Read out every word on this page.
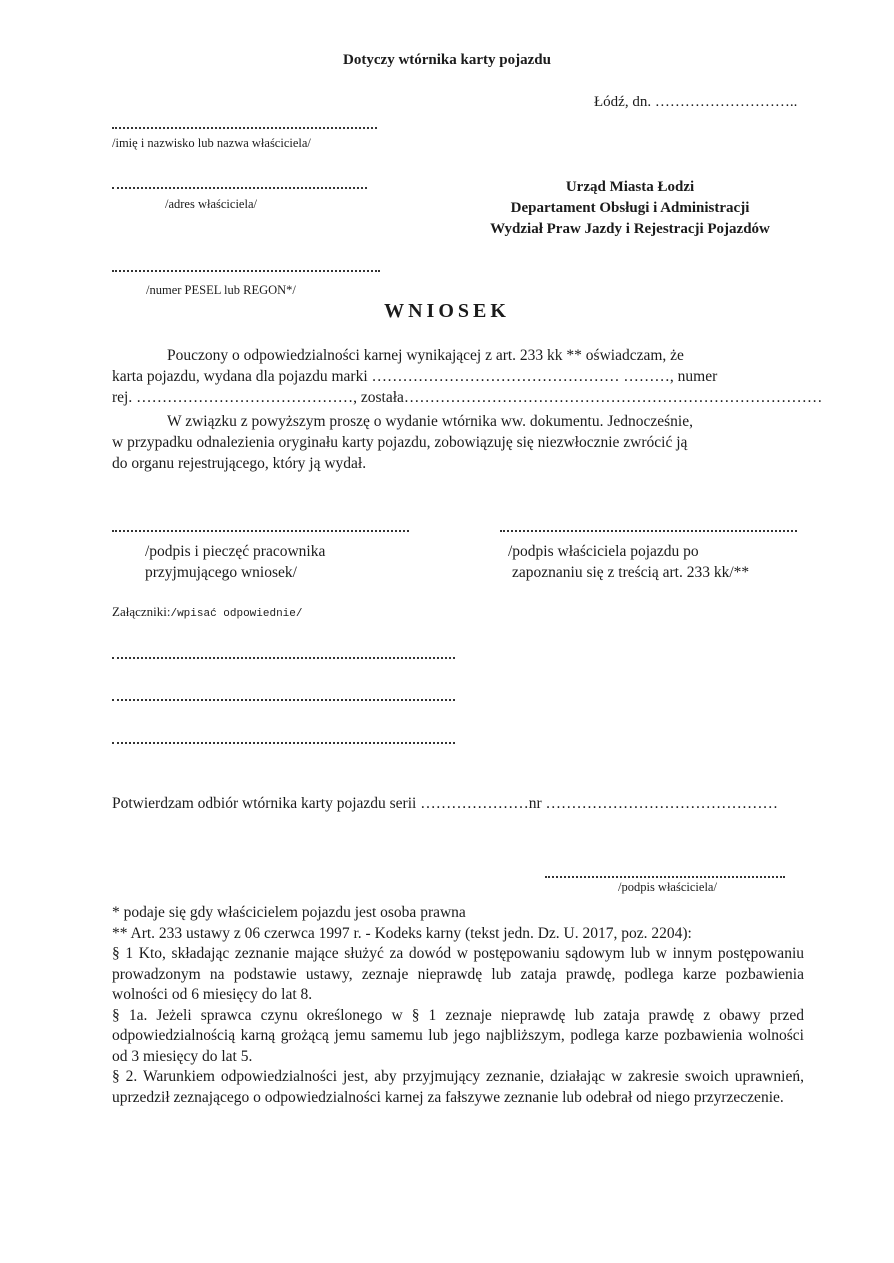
Dotyczy wtórnika karty pojazdu
Łódź, dn. ………………………..
/imię i nazwisko lub nazwa właściciela/
/adres właściciela/
/numer PESEL lub REGON*/
Urząd Miasta Łodzi
Departament Obsługi i Administracji
Wydział Praw Jazdy i Rejestracji Pojazdów
WNIOSEK
Pouczony o odpowiedzialności karnej wynikającej z art. 233 kk ** oświadczam, że
karta pojazdu, wydana dla pojazdu marki ………………………………………… ………, numer
rej. ……………………………………, została………………………………………………………………………
W związku z powyższym proszę o wydanie wtórnika ww. dokumentu. Jednocześnie,
w przypadku odnalezienia oryginału karty pojazdu, zobowiązuję się niezwłocznie zwrócić ją
do organu rejestrującego, który ją wydał.
/podpis i pieczęć pracownika
przyjmującego wniosek/
/podpis właściciela pojazdu po
zapoznaniu się z treścią art. 233 kk/**
Załączniki:/wpisać odpowiednie/
Potwierdzam odbiór wtórnika karty pojazdu serii …………………nr ………………………………………
/podpis właściciela/

* podaje się gdy właścicielem pojazdu jest osoba prawna

** Art. 233 ustawy z 06 czerwca 1997 r. - Kodeks karny (tekst jedn. Dz. U. 2017, poz. 2204):

§ 1 Kto, składając zeznanie mające służyć za dowód w postępowaniu sądowym lub w innym postępowaniu prowadzonym na podstawie ustawy, zeznaje nieprawdę lub zataja prawdę, podlega karze pozbawienia wolności od 6 miesięcy do lat 8.

§ 1a. Jeżeli sprawca czynu określonego w § 1 zeznaje nieprawdę lub zataja prawdę z obawy przed odpowiedzialnością karną grożącą jemu samemu lub jego najbliższym, podlega karze pozbawienia wolności od 3 miesięcy do lat 5.

§ 2. Warunkiem odpowiedzialności jest, aby przyjmujący zeznanie, działając w zakresie swoich uprawnień, uprzedził zeznającego o odpowiedzialności karnej za fałszywe zeznanie lub odebrał od niego przyrzeczenie.
